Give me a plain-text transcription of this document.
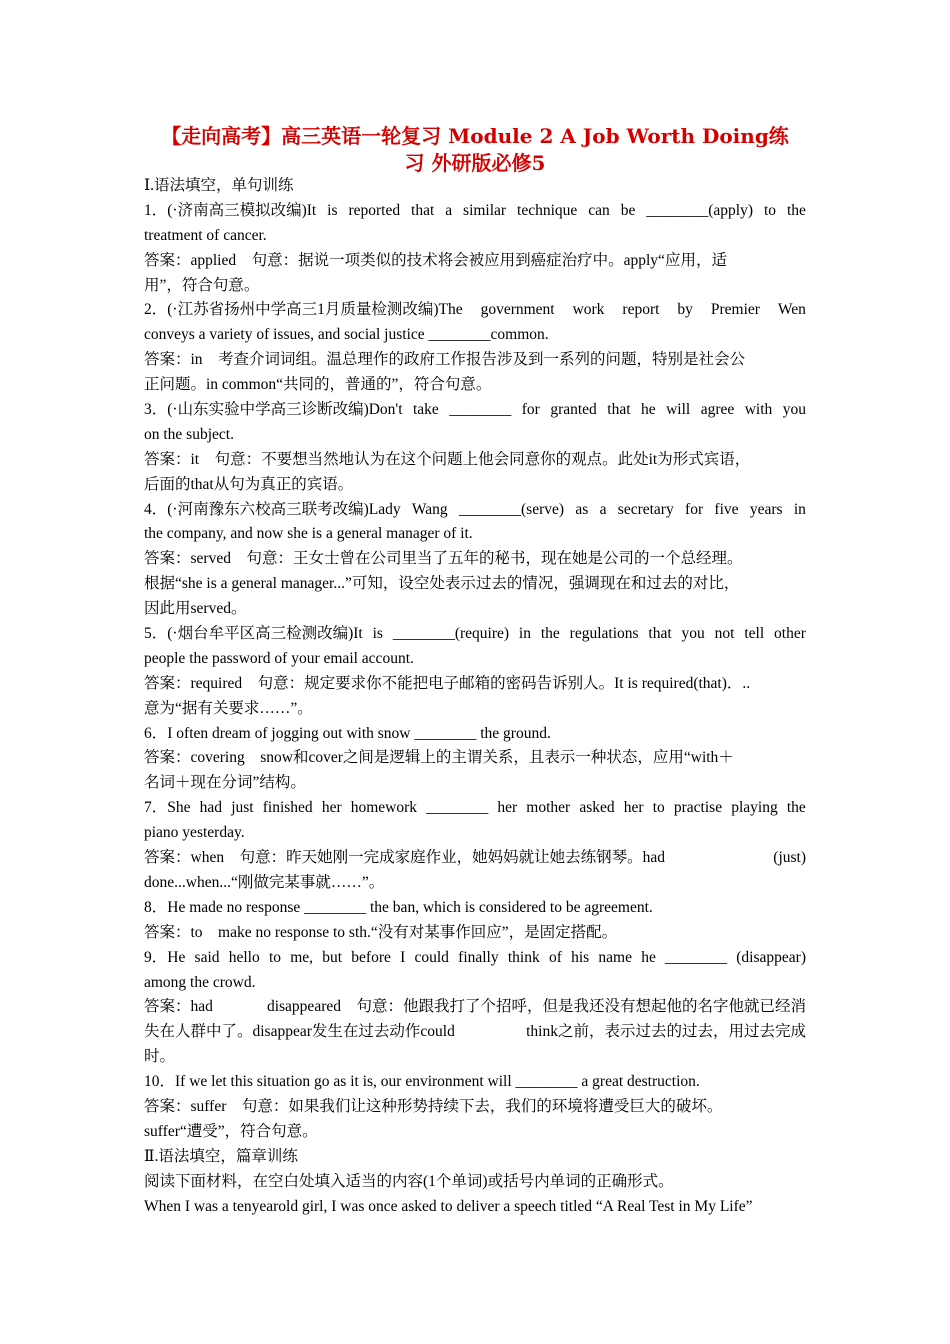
【走向高考】高三英语一轮复习 Module 2 A Job Worth Doing练
习 外研版必修5
Ⅰ.语法填空，单句训练
1．(·济南高三模拟改编)It is reported that a similar technique can be ________(apply) to the
treatment of cancer.
答案：applied　句意：据说一项类似的技术将会被应用到癌症治疗中。apply“应用，适
用”，符合句意。
2．(·江苏省扬州中学高三1月质量检测改编)The government work report by Premier Wen
conveys a variety of issues, and social justice ________common.
答案：in　考查介词词组。温总理作的政府工作报告涉及到一系列的问题，特别是社会公
正问题。in common“共同的，普通的”，符合句意。
3．(·山东实验中学高三诊断改编)Don't take ________ for granted that he will agree with you
on the subject.
答案：it　句意：不要想当然地认为在这个问题上他会同意你的观点。此处it为形式宾语，
后面的that从句为真正的宾语。
4．(·河南豫东六校高三联考改编)Lady Wang ________(serve) as a secretary for five years in
the company, and now she is a general manager of it.
答案：served　句意：王女士曾在公司里当了五年的秘书，现在她是公司的一个总经理。
根据“she is a general manager...”可知，设空处表示过去的情况，强调现在和过去的对比，
因此用served。
5．(·烟台牟平区高三检测改编)It is ________(require) in the regulations that you not tell other
people the password of your email account.
答案：required　句意：规定要求你不能把电子邮箱的密码告诉别人。It is required(that)．..
意为“据有关要求……”。
6．I often dream of jogging out with snow ________ the ground.
答案：covering　snow和cover之间是逻辑上的主谓关系，且表示一种状态，应用“with＋
名词＋现在分词”结构。
7．She had just finished her homework ________ her mother asked her to practise playing the
piano yesterday.
答案：when　句意：昨天她刚一完成家庭作业，她妈妈就让她去练钢琴。had	(just)
done...when...“刚做完某事就……”。
8．He made no response ________ the ban, which is considered to be agreement.
答案：to　make no response to sth.“没有对某事作回应”，是固定搭配。
9．He said hello to me, but before I could finally think of his name he ________ (disappear)
among the crowd.
答案：had	disappeared　句意：他跟我打了个招呼，但是我还没有想起他的名字他就已经消
失在人群中了。disappear发生在过去动作could	think之前，表示过去的过去，用过去完成
时。
10．If we let this situation go as it is, our environment will ________ a great destruction.
答案：suffer　句意：如果我们让这种形势持续下去，我们的环境将遭受巨大的破坏。
suffer“遭受”，符合句意。
Ⅱ.语法填空，篇章训练
阅读下面材料，在空白处填入适当的内容(1个单词)或括号内单词的正确形式。
When I was a tenyearold girl, I was once asked to deliver a speech titled “A Real Test in My Life”
